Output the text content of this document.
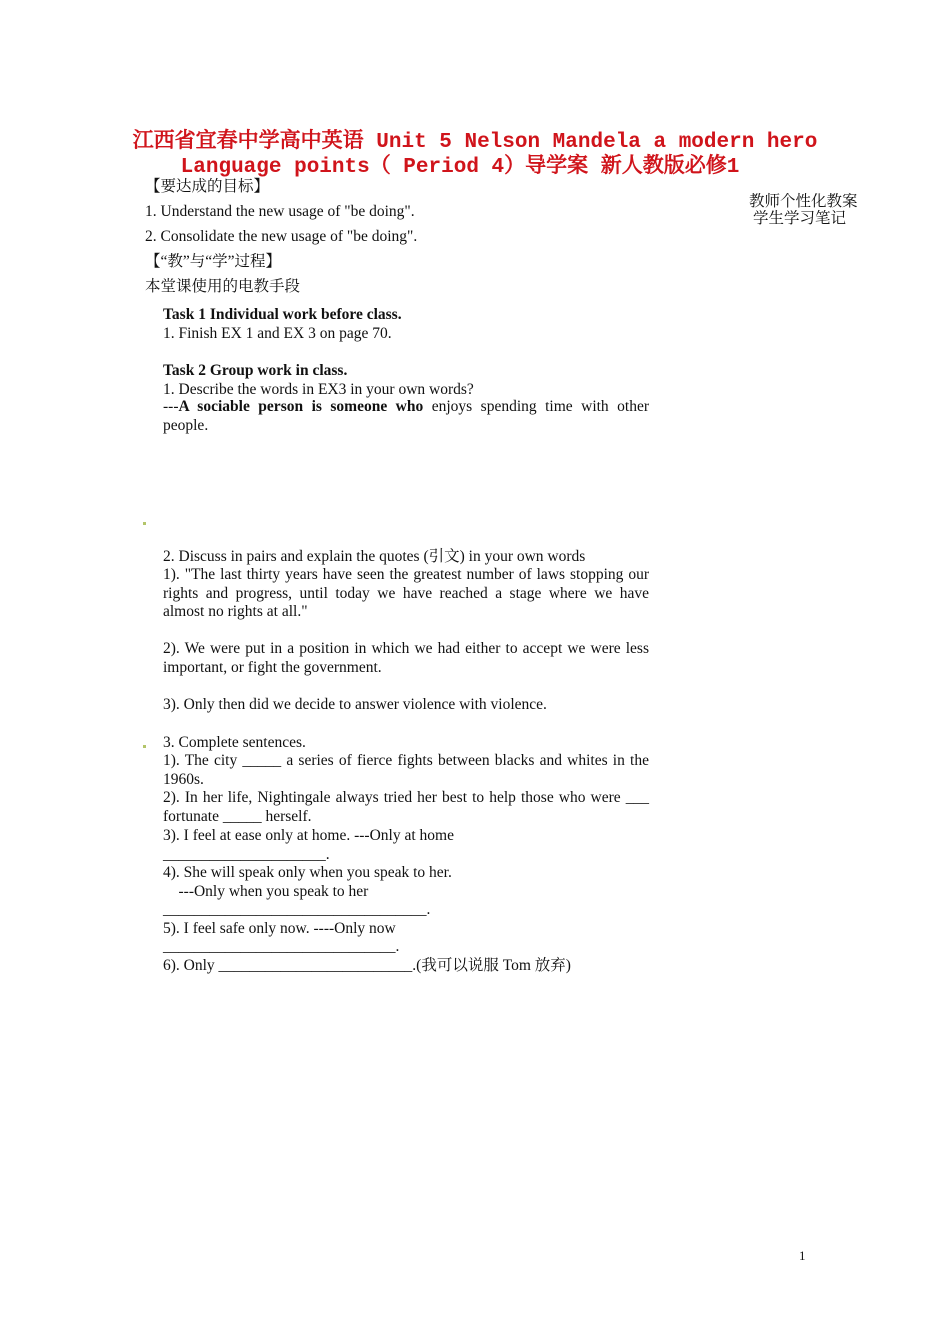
江西省宜春中学高中英语 Unit 5 Nelson Mandela a modern hero
Language points（ Period 4）导学案 新人教版必修1
教师个性化教案
学生学习笔记
【要达成的目标】
1. Understand the new usage of "be doing".
2. Consolidate the new usage of "be doing".
【“教”与“学”过程】
本堂课使用的电教手段
Task 1 Individual work before class.
1. Finish EX 1 and EX 3 on page 70.
Task 2 Group work in class.
1. Describe the words in EX3 in your own words?
---A sociable person is someone who enjoys spending time with other people.
2. Discuss in pairs and explain the quotes (引文) in your own words
1). "The last thirty years have seen the greatest number of laws stopping our rights and progress, until today we have reached a stage where we have almost no rights at all."
2). We were put in a position in which we had either to accept we were less important, or fight the government.
3). Only then did we decide to answer violence with violence.
3. Complete sentences.
1). The city _____ a series of fierce fights between blacks and whites in the 1960s.
2). In her life, Nightingale always tried her best to help those who were ___ fortunate _____ herself.
3). I feel at ease only at home. ---Only at home
_____________________.
4). She will speak only when you speak to her.
---Only when you speak to her
__________________________________.
5). I feel safe only now. ----Only now
______________________________.
6). Only _________________________.(我可以说服 Tom 放弃)
1
